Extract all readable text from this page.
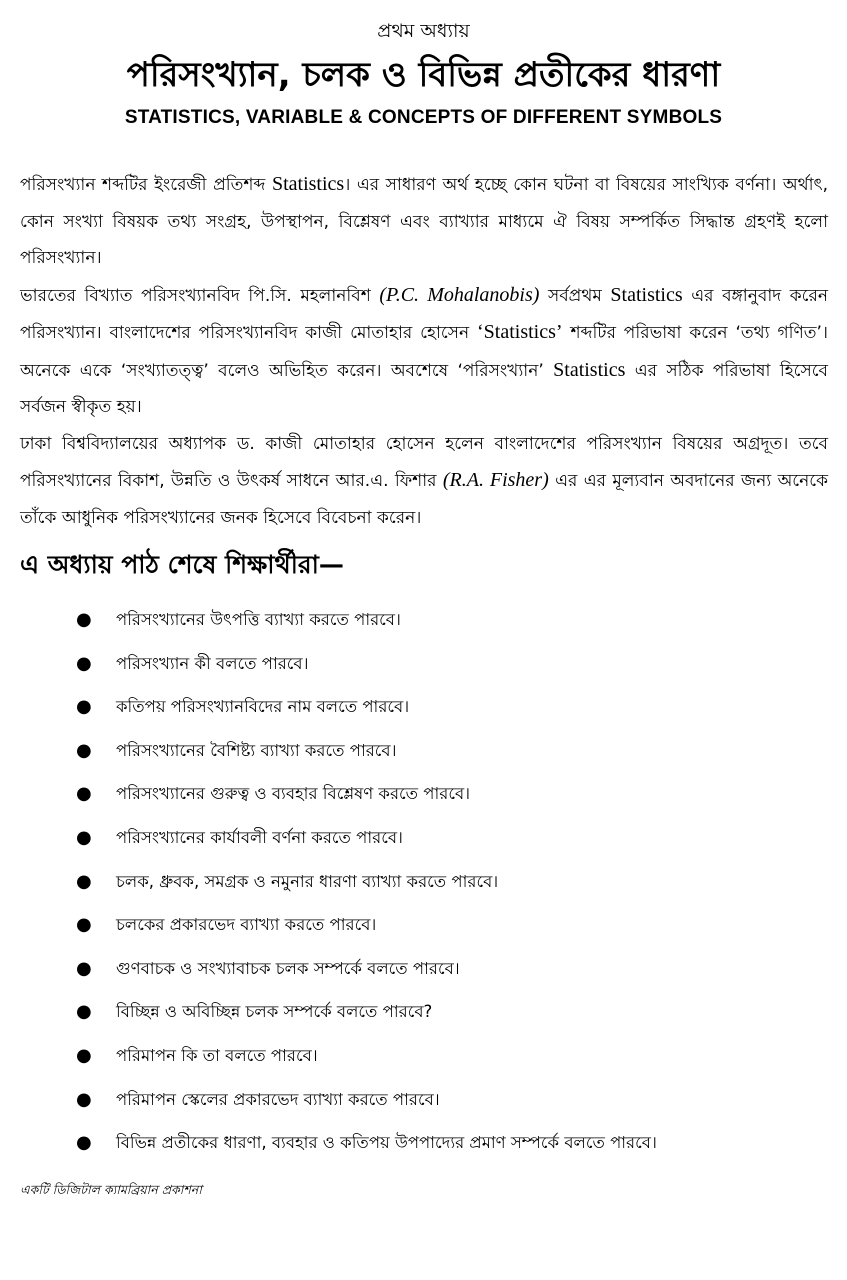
প্রথম অধ্যায়
পরিসংখ্যান, চলক ও বিভিন্ন প্রতীকের ধারণা
STATISTICS, VARIABLE & CONCEPTS OF DIFFERENT SYMBOLS

পরিসংখ্যান শব্দটির ইংরেজী প্রতিশব্দ Statistics। এর সাধারণ অর্থ হচ্ছে কোন ঘটনা বা বিষয়ের সাংখ্যিক বর্ণনা। অর্থাৎ, কোন সংখ্যা বিষয়ক তথ্য সংগ্রহ, উপস্থাপন, বিশ্লেষণ এবং ব্যাখ্যার মাধ্যমে ঐ বিষয় সম্পর্কিত সিদ্ধান্ত গ্রহণই হলো পরিসংখ্যান।

ভারতের বিখ্যাত পরিসংখ্যানবিদ পি.সি. মহলানবিশ (P.C. Mohalanobis) সর্বপ্রথম Statistics এর বঙ্গানুবাদ করেন পরিসংখ্যান। বাংলাদেশের পরিসংখ্যানবিদ কাজী মোতাহার হোসেন ‘Statistics’ শব্দটির পরিভাষা করেন ‘তথ্য গণিত’। অনেকে একে ‘সংখ্যাতত্ত্ব’ বলেও অভিহিত করেন। অবশেষে ‘পরিসংখ্যান’ Statistics এর সঠিক পরিভাষা হিসেবে সর্বজন স্বীকৃত হয়।

ঢাকা বিশ্ববিদ্যালয়ের অধ্যাপক ড. কাজী মোতাহার হোসেন হলেন বাংলাদেশের পরিসংখ্যান বিষয়ের অগ্রদূত। তবে পরিসংখ্যানের বিকাশ, উন্নতি ও উৎকর্ষ সাধনে আর.এ. ফিশার (R.A. Fisher) এর এর মূল্যবান অবদানের জন্য অনেকে তাঁকে আধুনিক পরিসংখ্যানের জনক হিসেবে বিবেচনা করেন।

এ অধ্যায় পাঠ শেষে শিক্ষার্থীরা—
● পরিসংখ্যানের উৎপত্তি ব্যাখ্যা করতে পারবে।
● পরিসংখ্যান কী বলতে পারবে।
● কতিপয় পরিসংখ্যানবিদের নাম বলতে পারবে।
● পরিসংখ্যানের বৈশিষ্ট্য ব্যাখ্যা করতে পারবে।
● পরিসংখ্যানের গুরুত্ব ও ব্যবহার বিশ্লেষণ করতে পারবে।
● পরিসংখ্যানের কার্যাবলী বর্ণনা করতে পারবে।
● চলক, ধ্রুবক, সমগ্রক ও নমুনার ধারণা ব্যাখ্যা করতে পারবে।
● চলকের প্রকারভেদ ব্যাখ্যা করতে পারবে।
● গুণবাচক ও সংখ্যাবাচক চলক সম্পর্কে বলতে পারবে।
● বিচ্ছিন্ন ও অবিচ্ছিন্ন চলক সম্পর্কে বলতে পারবে?
● পরিমাপন কি তা বলতে পারবে।
● পরিমাপন স্কেলের প্রকারভেদ ব্যাখ্যা করতে পারবে।
● বিভিন্ন প্রতীকের ধারণা, ব্যবহার ও কতিপয় উপপাদ্যের প্রমাণ সম্পর্কে বলতে পারবে।
একটি ডিজিটাল ক্যামব্রিয়ান প্রকাশনা
